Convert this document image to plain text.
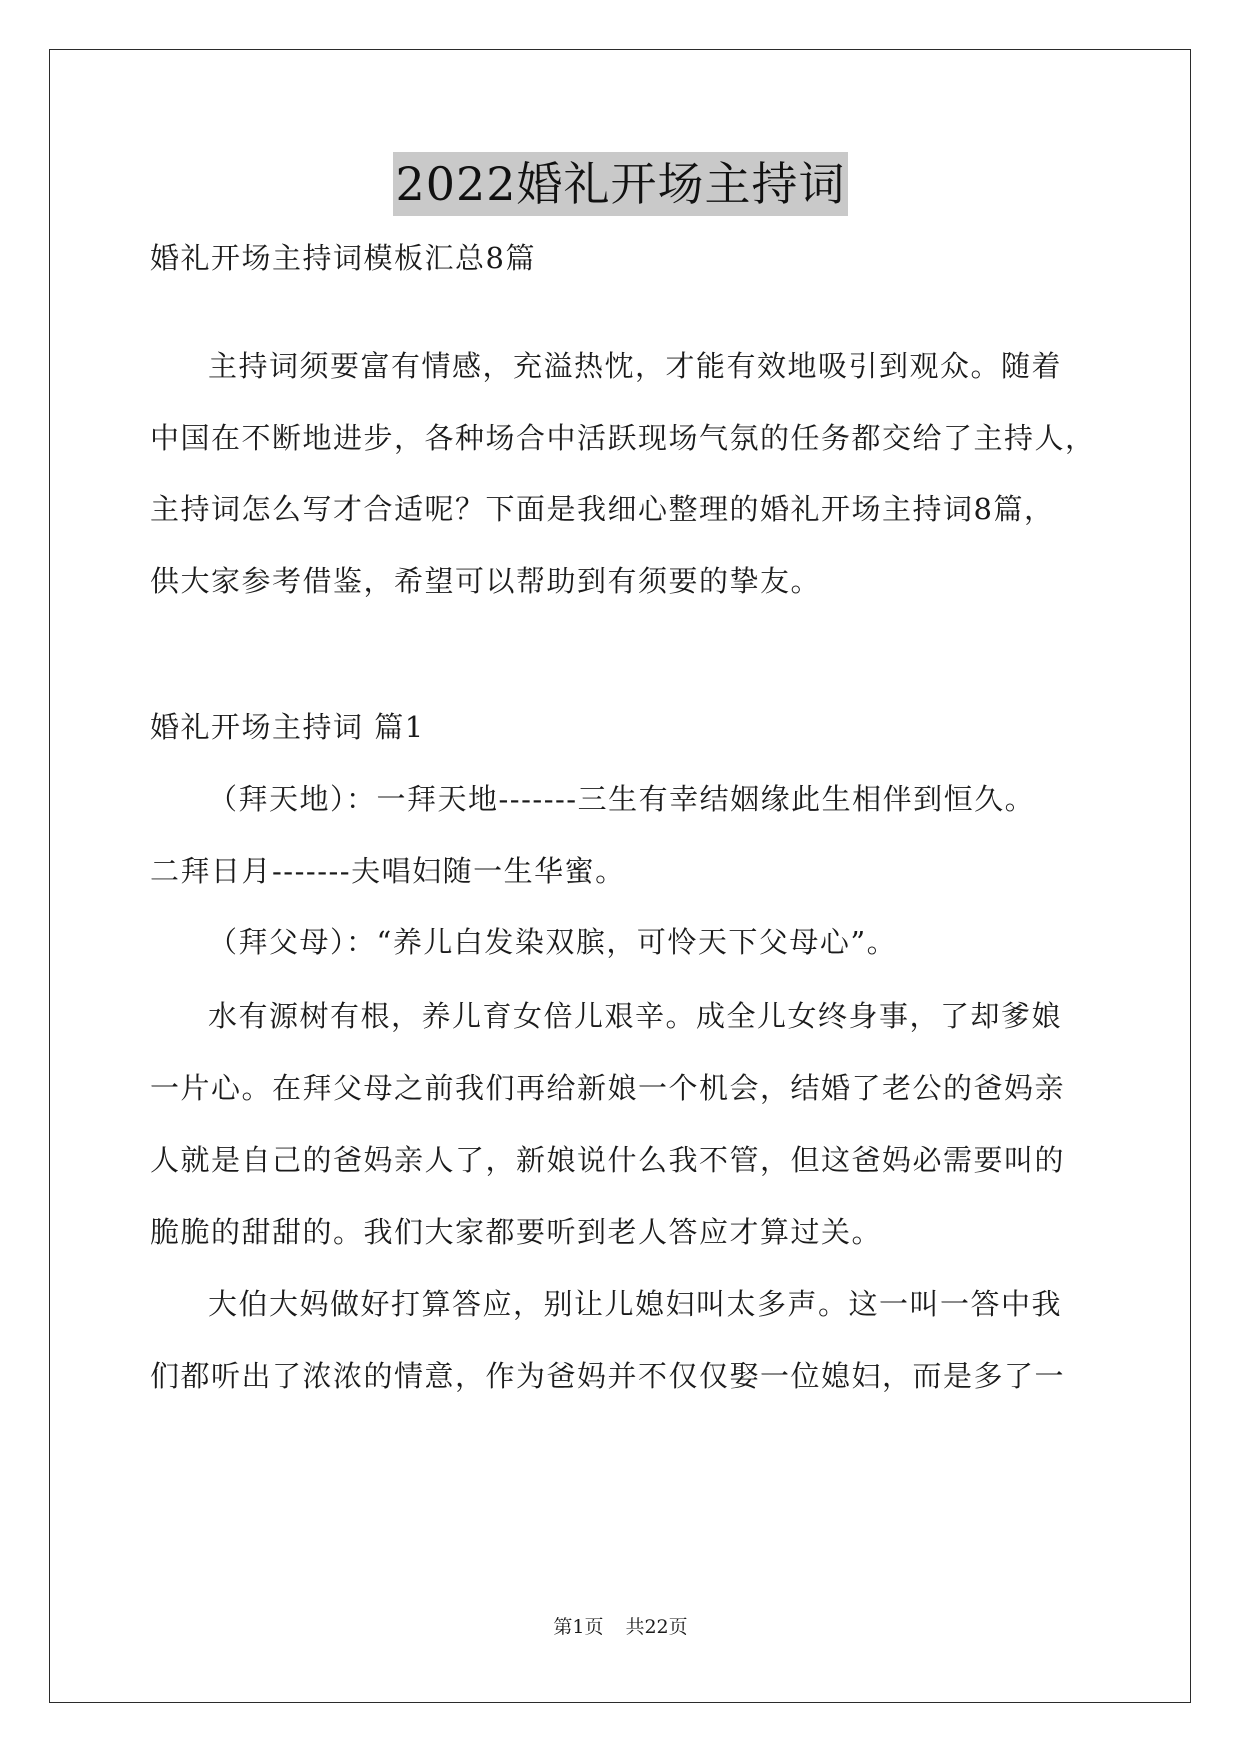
2022婚礼开场主持词
婚礼开场主持词模板汇总8篇
主持词须要富有情感，充溢热忱，才能有效地吸引到观众。随着
中国在不断地进步，各种场合中活跃现场气氛的任务都交给了主持人，
主持词怎么写才合适呢？下面是我细心整理的婚礼开场主持词8篇，
供大家参考借鉴，希望可以帮助到有须要的挚友。
婚礼开场主持词 篇1
（拜天地）：一拜天地-------三生有幸结姻缘此生相伴到恒久。
二拜日月-------夫唱妇随一生华蜜。
（拜父母）：“养儿白发染双膑，可怜天下父母心”。
水有源树有根，养儿育女倍儿艰辛。成全儿女终身事，了却爹娘
一片心。在拜父母之前我们再给新娘一个机会，结婚了老公的爸妈亲
人就是自己的爸妈亲人了，新娘说什么我不管，但这爸妈必需要叫的
脆脆的甜甜的。我们大家都要听到老人答应才算过关。
大伯大妈做好打算答应，别让儿媳妇叫太多声。这一叫一答中我
们都听出了浓浓的情意，作为爸妈并不仅仅娶一位媳妇，而是多了一
第1页 共22页
